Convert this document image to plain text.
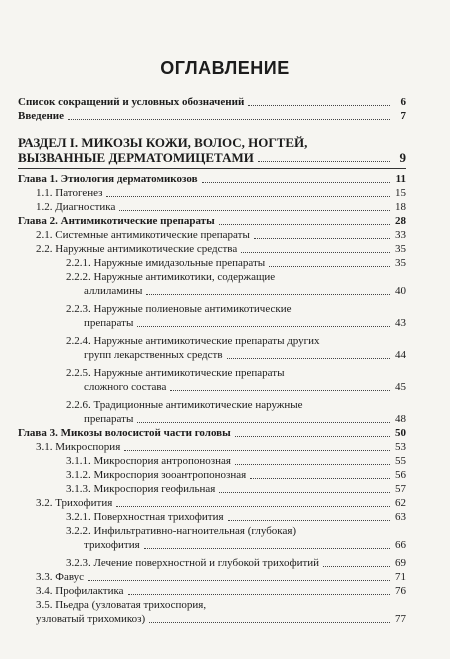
ОГЛАВЛЕНИЕ
Список сокращений и условных обозначений	6
Введение	7
РАЗДЕЛ I. МИКОЗЫ КОЖИ, ВОЛОС, НОГТЕЙ,
ВЫЗВАННЫЕ ДЕРМАТОМИЦЕТАМИ	9
Глава 1. Этиология дерматомикозов	11
1.1. Патогенез	15
1.2. Диагностика	18
Глава 2. Антимикотические препараты	28
2.1. Системные антимикотические препараты	33
2.2. Наружные антимикотические средства	35
2.2.1. Наружные имидазольные препараты	35
2.2.2. Наружные антимикотики, содержащие
аллиламины	40
2.2.3. Наружные полиеновые антимикотические
препараты	43
2.2.4. Наружные антимикотические препараты других
групп лекарственных средств	44
2.2.5. Наружные антимикотические препараты
сложного состава	45
2.2.6. Традиционные антимикотические наружные
препараты	48
Глава 3. Микозы волосистой части головы	50
3.1. Микроспория	53
3.1.1. Микроспория антропонозная	55
3.1.2. Микроспория зооантропонозная	56
3.1.3. Микроспория геофильная	57
3.2. Трихофития	62
3.2.1. Поверхностная трихофития	63
3.2.2. Инфильтративно-нагноительная (глубокая)
трихофития	66
3.2.3. Лечение поверхностной и глубокой трихофитий	69
3.3. Фавус	71
3.4. Профилактика	76
3.5. Пьедра (узловатая трихоспория,
узловатый трихомикоз)	77
